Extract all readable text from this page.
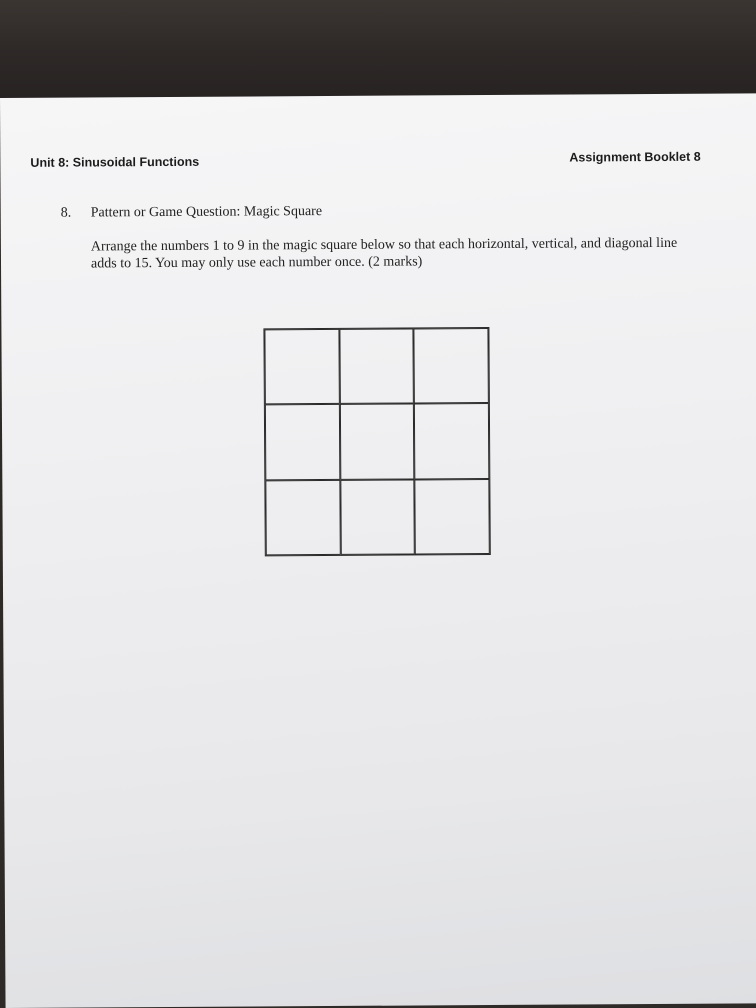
Unit 8: Sinusoidal Functions	Assignment Booklet 8
8. Pattern or Game Question: Magic Square
Arrange the numbers 1 to 9 in the magic square below so that each horizontal, vertical, and diagonal line adds to 15. You may only use each number once. (2 marks)
